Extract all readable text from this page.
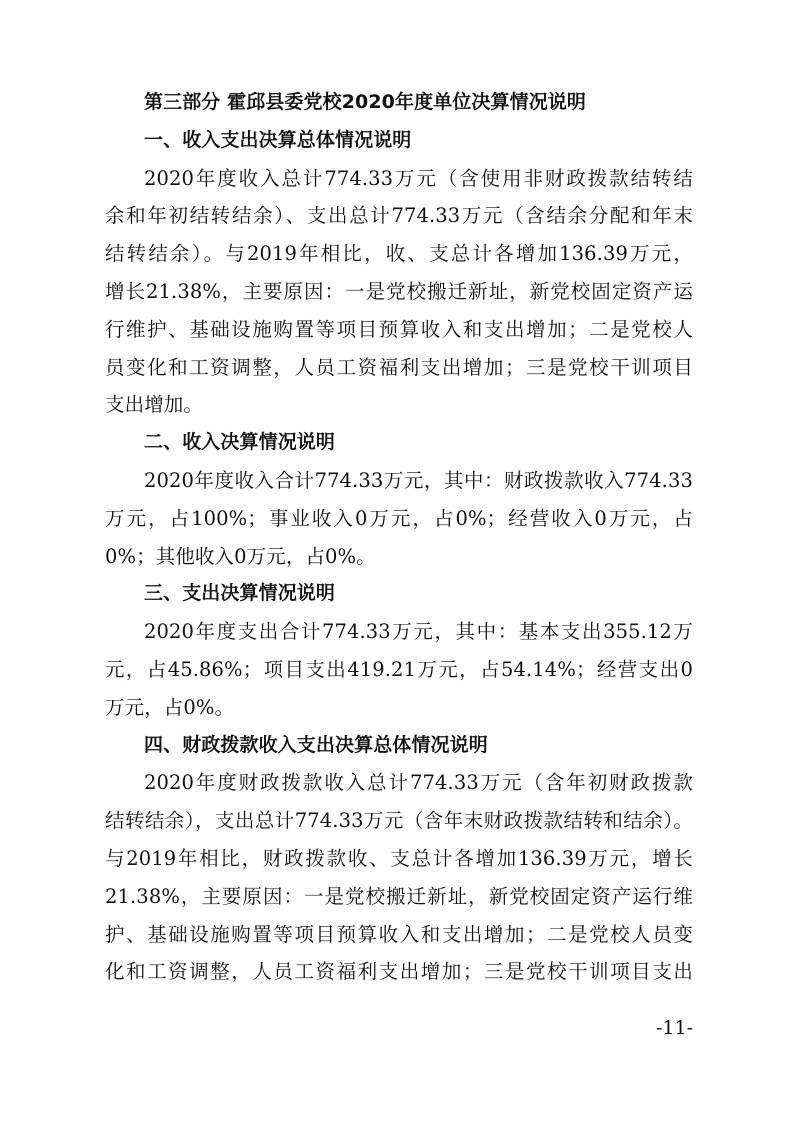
第三部分 霍邱县委党校2020年度单位决算情况说明

一、收入支出决算总体情况说明

2020年度收入总计774.33万元（含使用非财政拨款结转结

余和年初结转结余）、支出总计774.33万元（含结余分配和年末

结转结余）。与2019年相比，收、支总计各增加136.39万元，

增长21.38%，主要原因：一是党校搬迁新址，新党校固定资产运

行维护、基础设施购置等项目预算收入和支出增加；二是党校人

员变化和工资调整，人员工资福利支出增加；三是党校干训项目

支出增加。

二、收入决算情况说明

2020年度收入合计774.33万元，其中：财政拨款收入774.33

万元，占100%；事业收入0万元，占0%；经营收入0万元，占

0%；其他收入0万元，占0%。

三、支出决算情况说明

2020年度支出合计774.33万元，其中：基本支出355.12万

元，占45.86%；项目支出419.21万元，占54.14%；经营支出0

万元，占0%。

四、财政拨款收入支出决算总体情况说明

2020年度财政拨款收入总计774.33万元（含年初财政拨款

结转结余），支出总计774.33万元（含年末财政拨款结转和结余）。

与2019年相比，财政拨款收、支总计各增加136.39万元，增长

21.38%，主要原因：一是党校搬迁新址，新党校固定资产运行维

护、基础设施购置等项目预算收入和支出增加；二是党校人员变

化和工资调整，人员工资福利支出增加；三是党校干训项目支出

-11-
